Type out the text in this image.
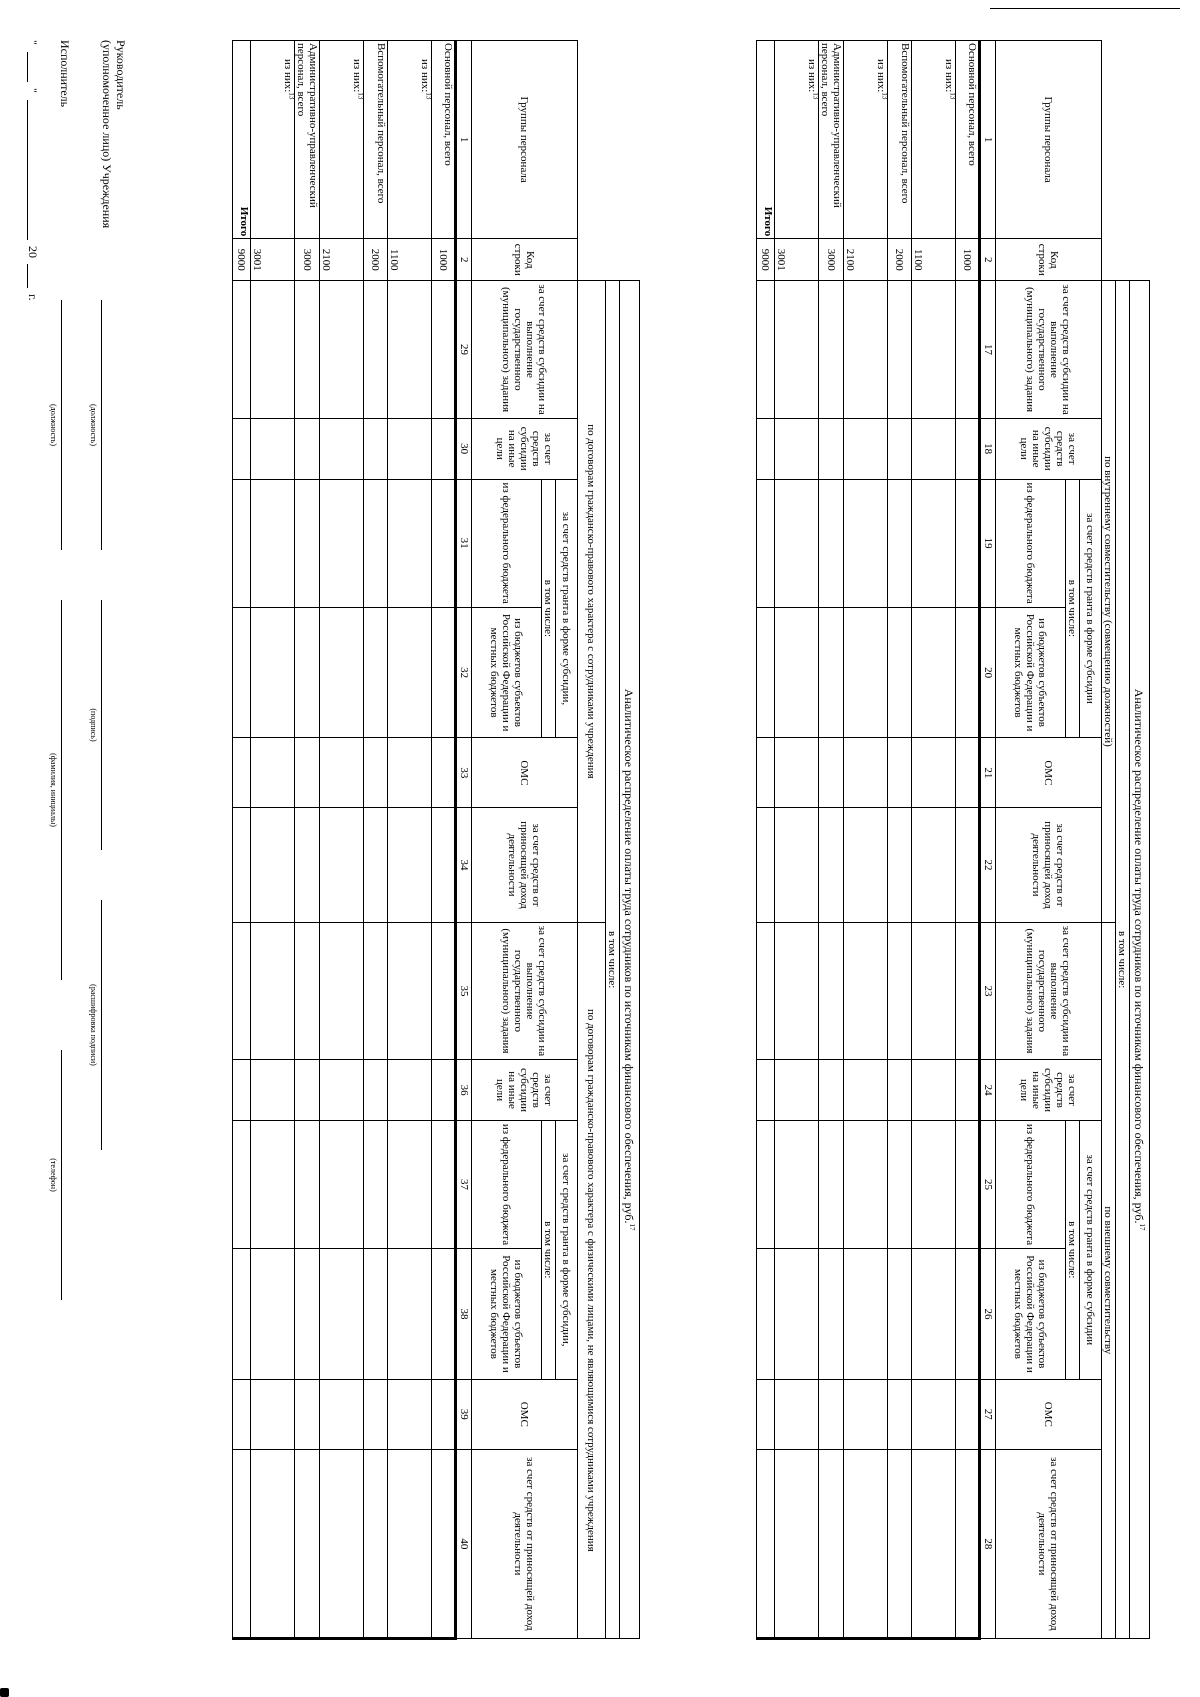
		Аналитическое распределение оплаты труда сотрудников по источникам финансового обеспечения, руб.$^{17}$
		в том числе:											
		по внутреннему совместительству (совмещению должностей)						по внешнему совместительству					

Группы персонала	Код строки	за счет средств субсидии на выполнение государственного (муниципального) задания	за счет средств субсидии на иные цели	за счет средств гранта в форме субсидии		ОМС	за счет средств от приносящей доход деятельности	за счет средств субсидии на выполнение государственного (муниципального) задания	за счет средств субсидии на иные цели	за счет средств гранта в форме субсидии		ОМС	за счет средств от приносящей доход деятельности
				в том числе:						в том числе:			
				из федерального бюджета	из бюджетов субъектов Российской Федерации и местных бюджетов					из федерального бюджета	из бюджетов субъектов Российской Федерации и местных бюджетов		
1	2	17	18	19	20	21	22	23	24	25	26	27	28
Основной персонал, всего	1000												
из них:$^{13}$	1100												
Вспомогательный персонал, всего	2000												
из них:$^{13}$	2100												
Административно-управленческий персонал, всего	3000												
из них:$^{13}$	3001												
Итого	9000												
		Аналитическое распределение оплаты труда сотрудников по источникам финансового обеспечения, руб.$^{17}$
		в том числе:											
		по договорам гражданско-правового характера с сотрудниками учреждения						по договорам гражданско-правового характера с физическими лицами, не являющимися сотрудниками учреждения					
Группы персонала	Код строки	за счет средств субсидии на выполнение государственного (муниципального) задания	за счет средств субсидии на иные цели	за счет средств гранта в форме субсидии,		ОМС	за счет средств от приносящей доход деятельности	за счет средств субсидии на выполнение государственного (муниципального) задания	за счет средств субсидии на иные цели	за счет средств гранта в форме субсидии,		ОМС	за счет средств от приносящей доход деятельности
				в том числе:						в том числе:			
				из федерального бюджета	из бюджетов субъектов Российской Федерации и местных бюджетов					из федерального бюджета	из бюджетов субъектов Российской Федерации и местных бюджетов		
1	2	29	30	31	32	33	34	35	36	37	38	39	40
Основной персонал, всего	1000												
из них:$^{13}$	1100												
Вспомогательный персонал, всего	2000												
из них:$^{13}$	2100												
Административно-управленческий персонал, всего	3000												
из них:$^{13}$	3001												
Итого	9000												
Руководитель
(уполномоченное лицо) Учреждения
(должность)
(подпись)
(расшифровка подписи)
Исполнитель
(должность)
(фамилия, инициалы)
(телефон)
"
"
20
г.
